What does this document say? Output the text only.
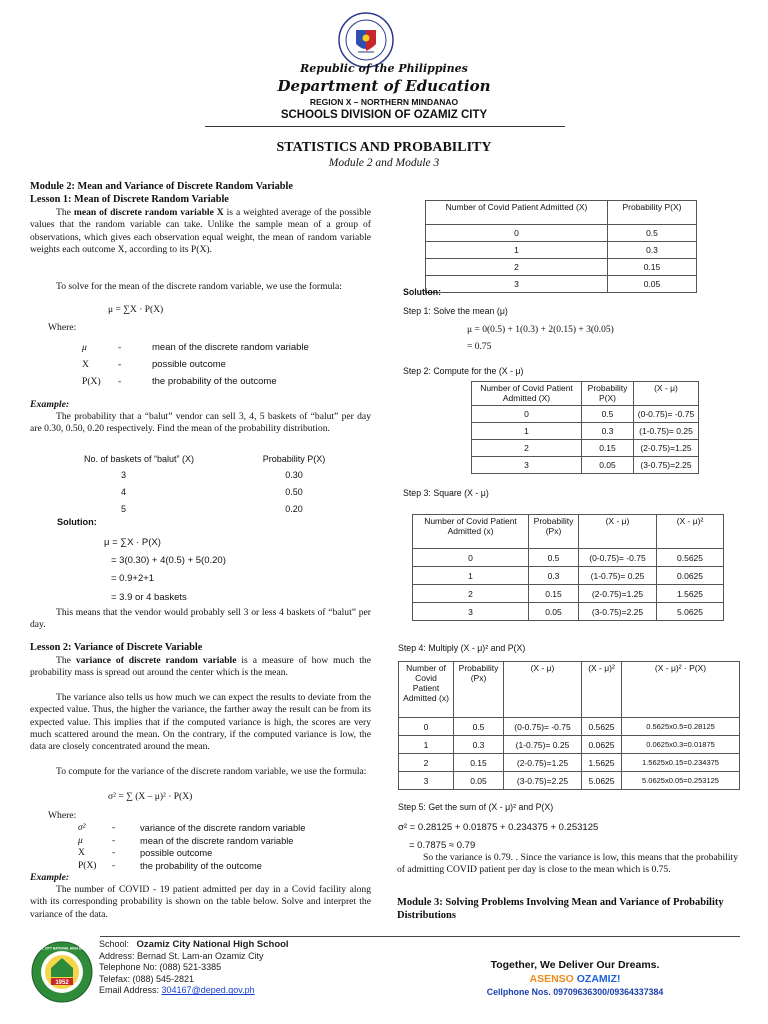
Republic of the Philippines
Department of Education
REGION X – NORTHERN MINDANAO
SCHOOLS DIVISION OF OZAMIZ CITY
STATISTICS AND PROBABILITY
Module 2 and Module 3
Module 2: Mean and Variance of Discrete Random Variable
Lesson 1: Mean of Discrete Random Variable
The mean of discrete random variable X is a weighted average of the possible values that the random variable can take. Unlike the sample mean of a group of observations, which gives each observation equal weight, the mean of random variable weights each outcome X, according to its P(X).
To solve for the mean of the discrete random variable, we use the formula:
μ = ∑X · P(X)
Where:
μ	-	mean of the discrete random variable
X	-	possible outcome
P(X) -	the probability of the outcome
Example:
The probability that a “balut” vendor can sell 3, 4, 5 baskets of “balut” per day are 0.30, 0.50, 0.20 respectively. Find the mean of the probability distribution.
No. of baskets of “balut” (X)	Probability P(X)
3	0.30
4	0.50
5	0.20
Solution:
μ = ∑X · P(X)
= 3(0.30) + 4(0.5) + 5(0.20)
= 0.9+2+1
= 3.9 or 4 baskets
This means that the vendor would probably sell 3 or less 4 baskets of “balut” per day.
Lesson 2: Variance of Discrete Variable
The variance of discrete random variable is a measure of how much the probability mass is spread out around the center which is the mean.
The variance also tells us how much we can expect the results to deviate from the expected value. Thus, the higher the variance, the farther away the result can be from its expected value. This implies that if the computed variance is high, the scores are very much scattered around the mean. On the contrary, if the computed variance is low, the data are closely concentrated around the mean.
To compute for the variance of the discrete random variable, we use the formula:
σ² = ∑ (X – μ)² · P(X)
Where:
σ²	-	variance of the discrete random variable
μ	-	mean of the discrete random variable
X	-	possible outcome
P(X) -	the probability of the outcome
Example:
The number of COVID - 19 patient admitted per day in a Covid facility along with its corresponding probability is shown on the table below. Solve and interpret the variance of the data.
Number of Covid Patient Admitted (X)	Probability P(X)
0	0.5
1	0.3
2	0.15
3	0.05
Solution:
Step 1: Solve the mean (μ)
μ = 0(0.5) + 1(0.3) + 2(0.15) + 3(0.05)
= 0.75
Step 2: Compute for the (X - μ)
Number of Covid Patient Admitted (X)	Probability P(X)	(X - μ)
0	0.5	(0-0.75)= -0.75
1	0.3	(1-0.75)= 0.25
2	0.15	(2-0.75)=1.25
3	0.05	(3-0.75)=2.25
Step 3: Square (X - μ)
Number of Covid Patient Admitted (x)	Probability (Px)	(X - μ)	(X - μ)²
0	0.5	(0-0.75)= -0.75	0.5625
1	0.3	(1-0.75)= 0.25	0.0625
2	0.15	(2-0.75)=1.25	1.5625
3	0.05	(3-0.75)=2.25	5.0625
Step 4: Multiply (X - μ)² and P(X)
Number of Covid Patient Admitted (x)	Probability (Px)	(X - μ)	(X - μ)²	(X - μ)² · P(X)
0	0.5	(0-0.75)= -0.75	0.5625	0.5625x0.5=0.28125
1	0.3	(1-0.75)= 0.25	0.0625	0.0625x0.3=0.01875
2	0.15	(2-0.75)=1.25	1.5625	1.5625x0.15=0.234375
3	0.05	(3-0.75)=2.25	5.0625	5.0625x0.05=0.253125
Step 5: Get the sum of (X - μ)² and P(X)
σ² = 0.28125 + 0.01875 + 0.234375 + 0.253125
= 0.7875 ≈ 0.79
So the variance is 0.79. . Since the variance is low, this means that the probability of admitting COVID patient per day is close to the mean which is 0.75.
Module 3: Solving Problems Involving Mean and Variance of Probability Distributions
1952
OZAMIZ CITY NATIONAL HIGH SCHOOL School: Ozamiz City National High School
Address: Bernad St. Lam-an Ozamiz City
Telephone No: (088) 521-3385
Telefax: (088) 545-2821
Email Address: 304167@deped.gov.ph
Together, We Deliver Our Dreams.
ASENSO OZAMIZ!
Cellphone Nos. 09709636300/09364337384
